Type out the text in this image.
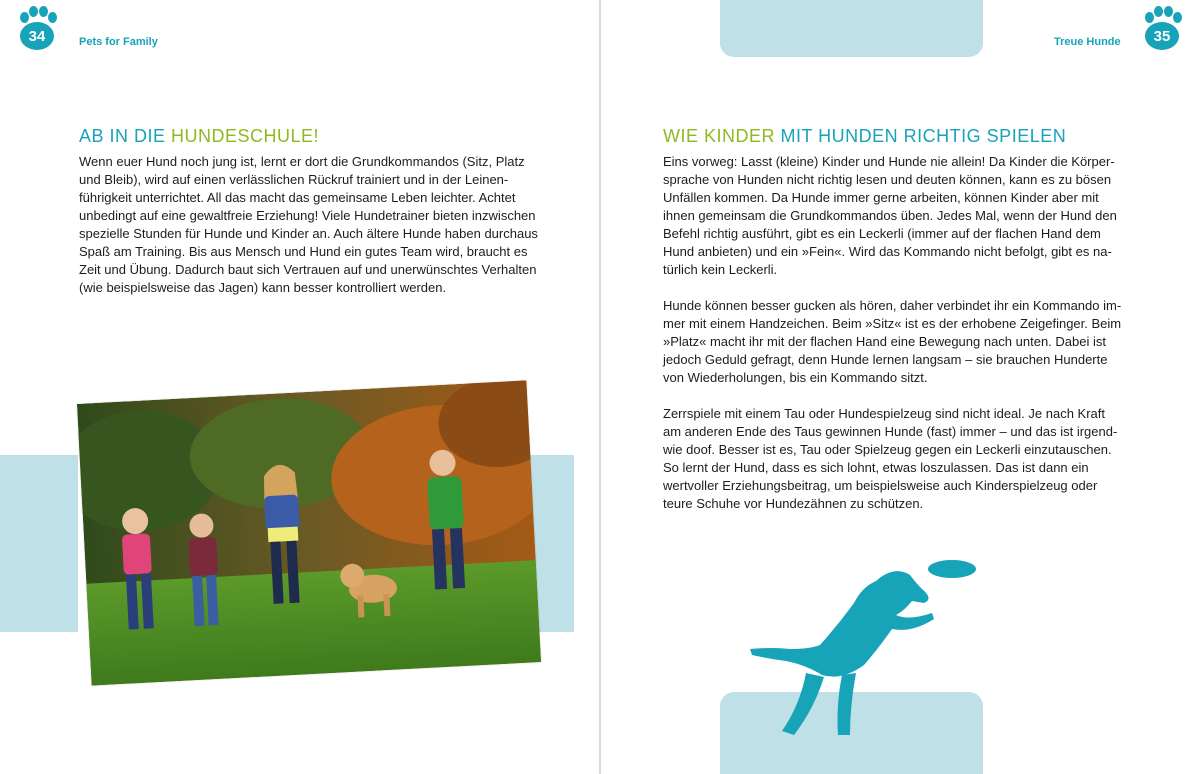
34	Pets for Family
AB IN DIE HUNDESCHULE!

Wenn euer Hund noch jung ist, lernt er dort die Grundkommandos (Sitz, Platz und Bleib), wird auf einen verlässlichen Rückruf trainiert und in der Leinenführigkeit unterrichtet. All das macht das gemeinsame Leben leichter. Achtet unbedingt auf eine gewaltfreie Erziehung! Viele Hundetrainer bieten inzwischen spezielle Stunden für Hunde und Kinder an. Auch ältere Hunde haben durchaus Spaß am Training. Bis aus Mensch und Hund ein gutes Team wird, braucht es Zeit und Übung. Dadurch baut sich Vertrauen auf und unerwünschtes Verhalten (wie beispielsweise das Jagen) kann besser kontrolliert werden.

Treue Hunde	35
WIE KINDER MIT HUNDEN RICHTIG SPIELEN

Eins vorweg: Lasst (kleine) Kinder und Hunde nie allein! Da Kinder die Körpersprache von Hunden nicht richtig lesen und deuten können, kann es zu bösen Unfällen kommen. Da Hunde immer gerne arbeiten, können Kinder aber mit ihnen gemeinsam die Grundkommandos üben. Jedes Mal, wenn der Hund den Befehl richtig ausführt, gibt es ein Leckerli (immer auf der flachen Hand dem Hund anbieten) und ein »Fein«. Wird das Kommando nicht befolgt, gibt es natürlich kein Leckerli.

Hunde können besser gucken als hören, daher verbindet ihr ein Kommando immer mit einem Handzeichen. Beim »Sitz« ist es der erhobene Zeigefinger. Beim »Platz« macht ihr mit der flachen Hand eine Bewegung nach unten. Dabei ist jedoch Geduld gefragt, denn Hunde lernen langsam – sie brauchen Hunderte von Wiederholungen, bis ein Kommando sitzt.

Zerrspiele mit einem Tau oder Hundespielzeug sind nicht ideal. Je nach Kraft am anderen Ende des Taus gewinnen Hunde (fast) immer – und das ist irgendwie doof. Besser ist es, Tau oder Spielzeug gegen ein Leckerli einzutauschen. So lernt der Hund, dass es sich lohnt, etwas loszulassen. Das ist dann ein wertvoller Erziehungsbeitrag, um beispielsweise auch Kinderspielzeug oder teure Schuhe vor Hundezähnen zu schützen.
